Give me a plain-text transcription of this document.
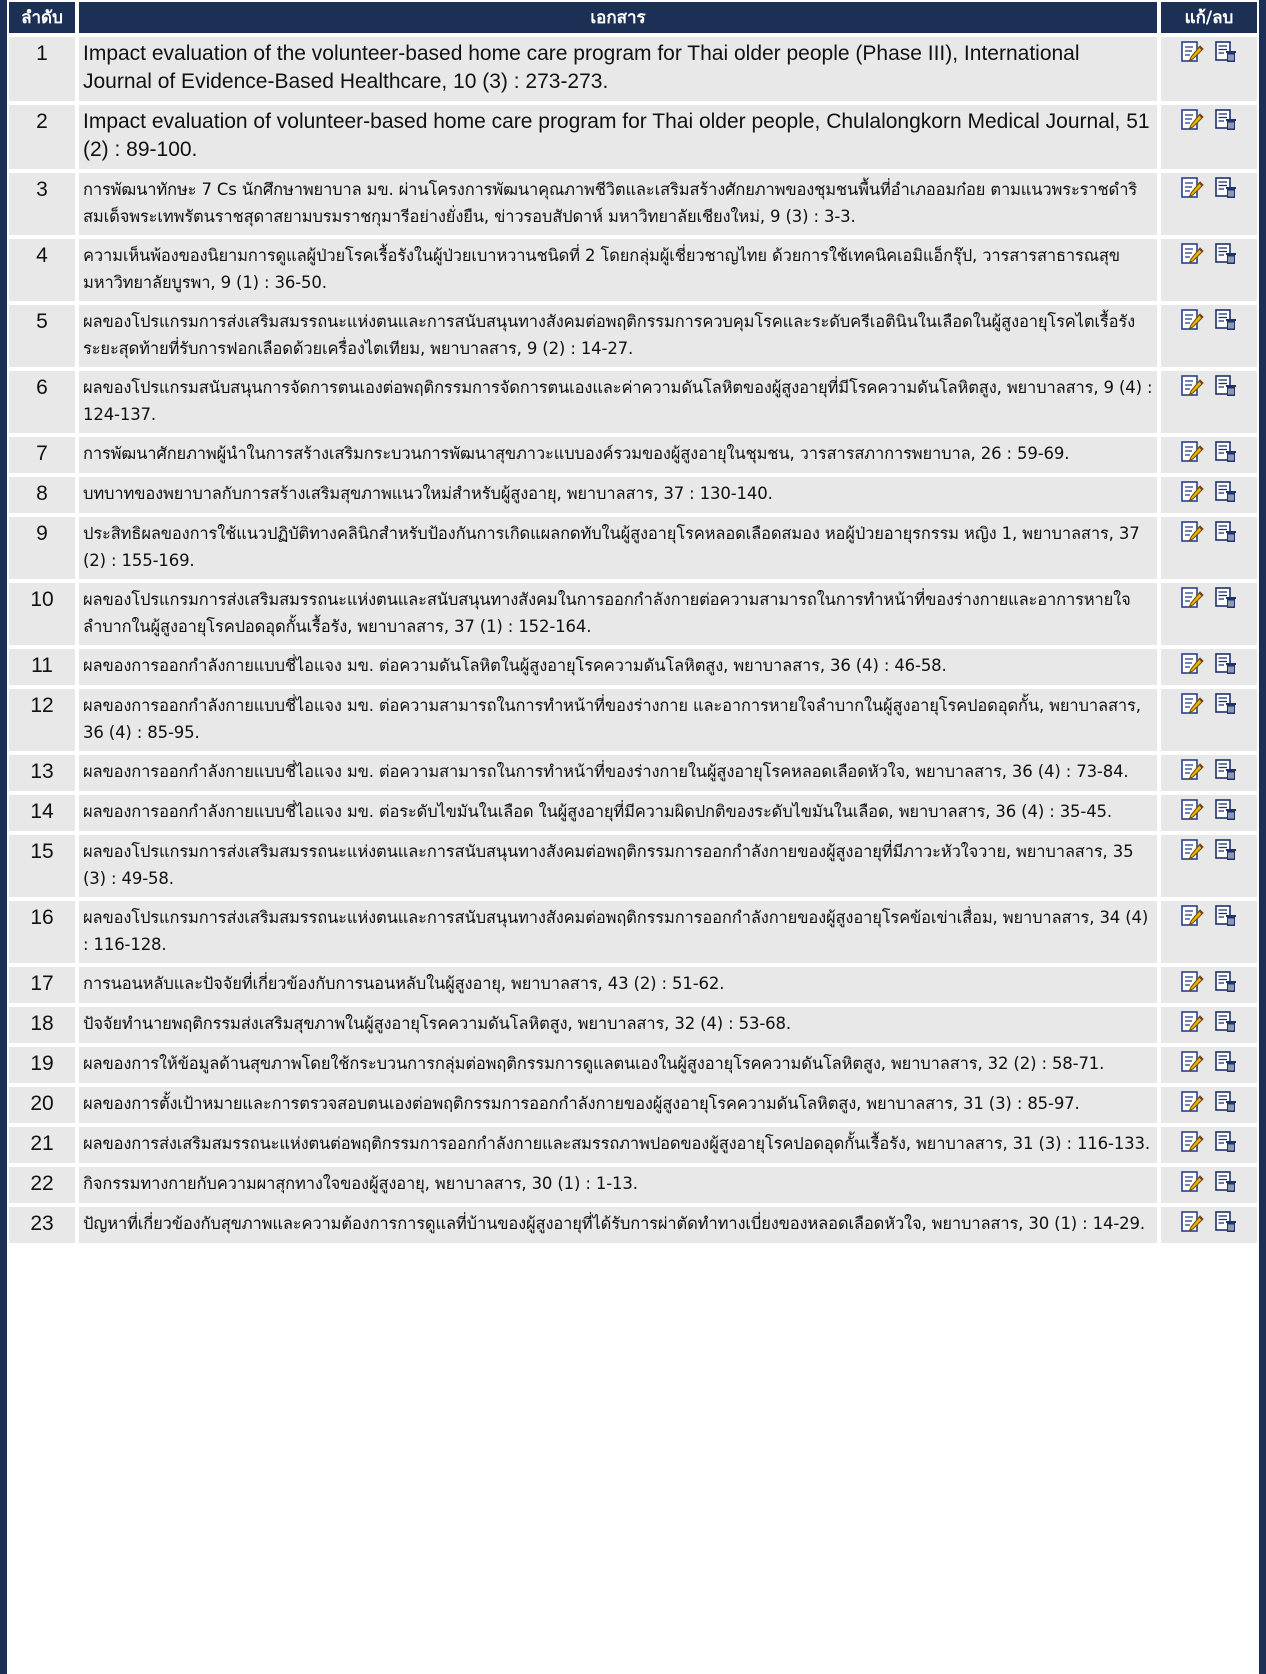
ลำดับ	เอกสาร	แก้/ลบ
1	Impact evaluation of the volunteer-based home care program for Thai older people (Phase III), International Journal of Evidence-Based Healthcare, 10 (3) : 273-273.	

2	Impact evaluation of volunteer-based home care program for Thai older people, Chulalongkorn Medical Journal, 51 (2) : 89-100.	

3	การพัฒนาทักษะ 7 Cs นักศึกษาพยาบาล มข. ผ่านโครงการพัฒนาคุณภาพชีวิตและเสริมสร้างศักยภาพของชุมชนพื้นที่อำเภออมก๋อย ตามแนวพระราชดำริ สมเด็จพระเทพรัตนราชสุดาสยามบรมราชกุมารีอย่างยั่งยืน, ข่าวรอบสัปดาห์ มหาวิทยาลัยเชียงใหม่, 9 (3) : 3-3.	

4	ความเห็นพ้องของนิยามการดูแลผู้ป่วยโรคเรื้อรังในผู้ป่วยเบาหวานชนิดที่ 2 โดยกลุ่มผู้เชี่ยวชาญไทย ด้วยการใช้เทคนิคเอมิแอ็กรุ๊ป, วารสารสาธารณสุขมหาวิทยาลัยบูรพา, 9 (1) : 36-50.	

5	ผลของโปรแกรมการส่งเสริมสมรรถนะแห่งตนและการสนับสนุนทางสังคมต่อพฤติกรรมการควบคุมโรคและระดับครีเอตินินในเลือดในผู้สูงอายุโรคไตเรื้อรังระยะสุดท้ายที่รับการฟอกเลือดด้วยเครื่องไตเทียม, พยาบาลสาร, 9 (2) : 14-27.	

6	ผลของโปรแกรมสนับสนุนการจัดการตนเองต่อพฤติกรรมการจัดการตนเองและค่าความดันโลหิตของผู้สูงอายุที่มีโรคความดันโลหิตสูง, พยาบาลสาร, 9 (4) : 124-137.	

7	การพัฒนาศักยภาพผู้นำในการสร้างเสริมกระบวนการพัฒนาสุขภาวะแบบองค์รวมของผู้สูงอายุในชุมชน, วารสารสภาการพยาบาล, 26 : 59-69.	

8	บทบาทของพยาบาลกับการสร้างเสริมสุขภาพแนวใหม่สำหรับผู้สูงอายุ, พยาบาลสาร, 37 : 130-140.	

9	ประสิทธิผลของการใช้แนวปฏิบัติทางคลินิกสำหรับป้องกันการเกิดแผลกดทับในผู้สูงอายุโรคหลอดเลือดสมอง หอผู้ป่วยอายุรกรรม หญิง 1, พยาบาลสาร, 37 (2) : 155-169.	

10	ผลของโปรแกรมการส่งเสริมสมรรถนะแห่งตนและสนับสนุนทางสังคมในการออกกำลังกายต่อความสามารถในการทำหน้าที่ของร่างกายและอาการหายใจลำบากในผู้สูงอายุโรคปอดอุดกั้นเรื้อรัง, พยาบาลสาร, 37 (1) : 152-164.	

11	ผลของการออกกำลังกายแบบชี่ไอแจง มข. ต่อความดันโลหิตในผู้สูงอายุโรคความดันโลหิตสูง, พยาบาลสาร, 36 (4) : 46-58.	

12	ผลของการออกกำลังกายแบบชี่ไอแจง มข. ต่อความสามารถในการทำหน้าที่ของร่างกาย และอาการหายใจลำบากในผู้สูงอายุโรคปอดอุดกั้น, พยาบาลสาร, 36 (4) : 85-95.	

13	ผลของการออกกำลังกายแบบชี่ไอแจง มข. ต่อความสามารถในการทำหน้าที่ของร่างกายในผู้สูงอายุโรคหลอดเลือดหัวใจ, พยาบาลสาร, 36 (4) : 73-84.	

14	ผลของการออกกำลังกายแบบชี่ไอแจง มข. ต่อระดับไขมันในเลือด ในผู้สูงอายุที่มีความผิดปกติของระดับไขมันในเลือด, พยาบาลสาร, 36 (4) : 35-45.	

15	ผลของโปรแกรมการส่งเสริมสมรรถนะแห่งตนและการสนับสนุนทางสังคมต่อพฤติกรรมการออกกำลังกายของผู้สูงอายุที่มีภาวะหัวใจวาย, พยาบาลสาร, 35 (3) : 49-58.	

16	ผลของโปรแกรมการส่งเสริมสมรรถนะแห่งตนและการสนับสนุนทางสังคมต่อพฤติกรรมการออกกำลังกายของผู้สูงอายุโรคข้อเข่าเสื่อม, พยาบาลสาร, 34 (4) : 116-128.	

17	การนอนหลับและปัจจัยที่เกี่ยวข้องกับการนอนหลับในผู้สูงอายุ, พยาบาลสาร, 43 (2) : 51-62.	

18	ปัจจัยทำนายพฤติกรรมส่งเสริมสุขภาพในผู้สูงอายุโรคความดันโลหิตสูง, พยาบาลสาร, 32 (4) : 53-68.	

19	ผลของการให้ข้อมูลด้านสุขภาพโดยใช้กระบวนการกลุ่มต่อพฤติกรรมการดูแลตนเองในผู้สูงอายุโรคความดันโลหิตสูง, พยาบาลสาร, 32 (2) : 58-71.	

20	ผลของการตั้งเป้าหมายและการตรวจสอบตนเองต่อพฤติกรรมการออกกำลังกายของผู้สูงอายุโรคความดันโลหิตสูง, พยาบาลสาร, 31 (3) : 85-97.	

21	ผลของการส่งเสริมสมรรถนะแห่งตนต่อพฤติกรรมการออกกำลังกายและสมรรถภาพปอดของผู้สูงอายุโรคปอดอุดกั้นเรื้อรัง, พยาบาลสาร, 31 (3) : 116-133.	

22	กิจกรรมทางกายกับความผาสุกทางใจของผู้สูงอายุ, พยาบาลสาร, 30 (1) : 1-13.	

23	ปัญหาที่เกี่ยวข้องกับสุขภาพและความต้องการการดูแลที่บ้านของผู้สูงอายุที่ได้รับการผ่าตัดทำทางเบี่ยงของหลอดเลือดหัวใจ, พยาบาลสาร, 30 (1) : 14-29.	
